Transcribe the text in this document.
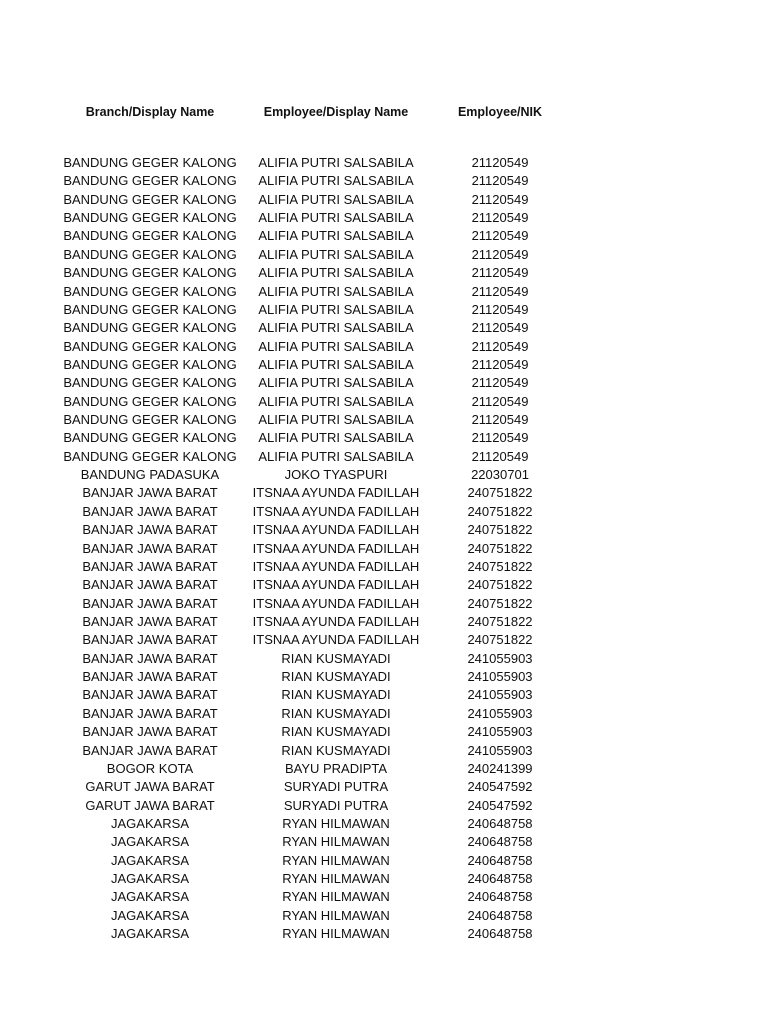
Branch/Display Name	Employee/Display Name	Employee/NIK
BANDUNG GEGER KALONG	ALIFIA PUTRI SALSABILA	21120549
BANDUNG GEGER KALONG	ALIFIA PUTRI SALSABILA	21120549
BANDUNG GEGER KALONG	ALIFIA PUTRI SALSABILA	21120549
BANDUNG GEGER KALONG	ALIFIA PUTRI SALSABILA	21120549
BANDUNG GEGER KALONG	ALIFIA PUTRI SALSABILA	21120549
BANDUNG GEGER KALONG	ALIFIA PUTRI SALSABILA	21120549
BANDUNG GEGER KALONG	ALIFIA PUTRI SALSABILA	21120549
BANDUNG GEGER KALONG	ALIFIA PUTRI SALSABILA	21120549
BANDUNG GEGER KALONG	ALIFIA PUTRI SALSABILA	21120549
BANDUNG GEGER KALONG	ALIFIA PUTRI SALSABILA	21120549
BANDUNG GEGER KALONG	ALIFIA PUTRI SALSABILA	21120549
BANDUNG GEGER KALONG	ALIFIA PUTRI SALSABILA	21120549
BANDUNG GEGER KALONG	ALIFIA PUTRI SALSABILA	21120549
BANDUNG GEGER KALONG	ALIFIA PUTRI SALSABILA	21120549
BANDUNG GEGER KALONG	ALIFIA PUTRI SALSABILA	21120549
BANDUNG GEGER KALONG	ALIFIA PUTRI SALSABILA	21120549
BANDUNG GEGER KALONG	ALIFIA PUTRI SALSABILA	21120549
BANDUNG PADASUKA	JOKO TYASPURI	22030701
BANJAR JAWA BARAT	ITSNAA AYUNDA FADILLAH	240751822
BANJAR JAWA BARAT	ITSNAA AYUNDA FADILLAH	240751822
BANJAR JAWA BARAT	ITSNAA AYUNDA FADILLAH	240751822
BANJAR JAWA BARAT	ITSNAA AYUNDA FADILLAH	240751822
BANJAR JAWA BARAT	ITSNAA AYUNDA FADILLAH	240751822
BANJAR JAWA BARAT	ITSNAA AYUNDA FADILLAH	240751822
BANJAR JAWA BARAT	ITSNAA AYUNDA FADILLAH	240751822
BANJAR JAWA BARAT	ITSNAA AYUNDA FADILLAH	240751822
BANJAR JAWA BARAT	ITSNAA AYUNDA FADILLAH	240751822
BANJAR JAWA BARAT	RIAN KUSMAYADI	241055903
BANJAR JAWA BARAT	RIAN KUSMAYADI	241055903
BANJAR JAWA BARAT	RIAN KUSMAYADI	241055903
BANJAR JAWA BARAT	RIAN KUSMAYADI	241055903
BANJAR JAWA BARAT	RIAN KUSMAYADI	241055903
BANJAR JAWA BARAT	RIAN KUSMAYADI	241055903
BOGOR KOTA	BAYU PRADIPTA	240241399
GARUT JAWA BARAT	SURYADI PUTRA	240547592
GARUT JAWA BARAT	SURYADI PUTRA	240547592
JAGAKARSA	RYAN HILMAWAN	240648758
JAGAKARSA	RYAN HILMAWAN	240648758
JAGAKARSA	RYAN HILMAWAN	240648758
JAGAKARSA	RYAN HILMAWAN	240648758
JAGAKARSA	RYAN HILMAWAN	240648758
JAGAKARSA	RYAN HILMAWAN	240648758
JAGAKARSA	RYAN HILMAWAN	240648758
